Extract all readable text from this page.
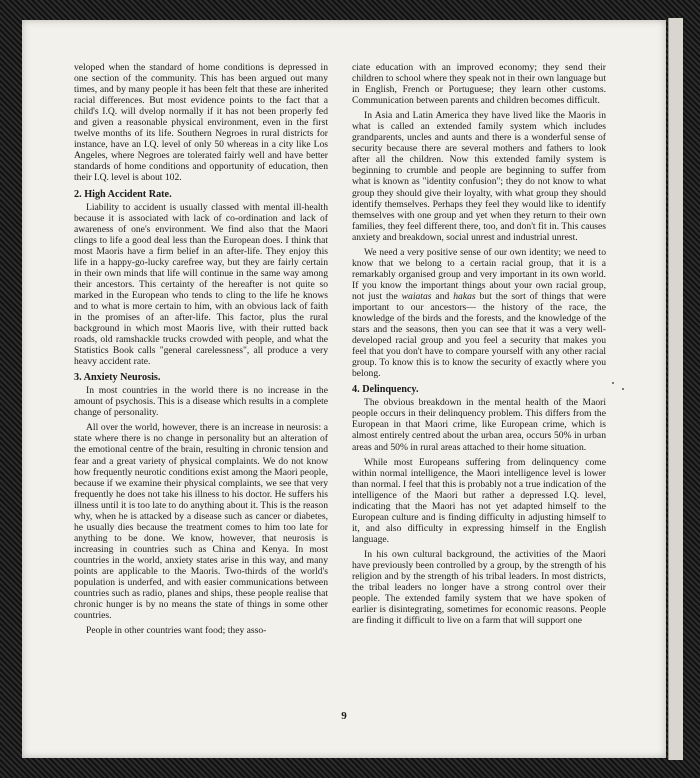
veloped when the standard of home conditions is depressed in one section of the community. This has been argued out many times, and by many people it has been felt that these are inherited racial differences. But most evidence points to the fact that a child's I.Q. will dvelop normally if it has not been properly fed and given a reasonable physical environment, even in the first twelve months of its life. Southern Negroes in rural districts for instance, have an I.Q. level of only 50 whereas in a city like Los Angeles, where Negroes are tolerated fairly well and have better standards of home conditions and opportunity of education, then their I.Q. level is about 102.

2. High Accident Rate.

Liability to accident is usually classed with mental ill-health because it is associated with lack of co-ordination and lack of awareness of one's environment. We find also that the Maori clings to life a good deal less than the European does. I think that most Maoris have a firm belief in an after-life. They enjoy this life in a happy-go-lucky carefree way, but they are fairly certain in their own minds that life will continue in the same way among their ancestors. This certainty of the hereafter is not quite so marked in the European who tends to cling to the life he knows and to what is more certain to him, with an obvious lack of faith in the promises of an after-life. This factor, plus the rural background in which most Maoris live, with their rutted back roads, old ramshackle trucks crowded with people, and what the Statistics Book calls "general carelessness", all produce a very heavy accident rate.

3. Anxiety Neurosis.

In most countries in the world there is no increase in the amount of psychosis. This is a disease which results in a complete change of personality.

All over the world, however, there is an increase in neurosis: a state where there is no change in personality but an alteration of the emotional centre of the brain, resulting in chronic tension and fear and a great variety of physical complaints. We do not know how frequently neurotic conditions exist among the Maori people, because if we examine their physical complaints, we see that very frequently he does not take his illness to his doctor. He suffers his illness until it is too late to do anything about it. This is the reason why, when he is attacked by a disease such as cancer or diabetes, he usually dies because the treatment comes to him too late for anything to be done. We know, however, that neurosis is increasing in countries such as China and Kenya. In most countries in the world, anxiety states arise in this way, and many points are applicable to the Maoris. Two-thirds of the world's population is underfed, and with easier communications between countries such as radio, planes and ships, these people realise that chronic hunger is by no means the state of things in some other countries.

People in other countries want food; they asso-

ciate education with an improved economy; they send their children to school where they speak not in their own language but in English, French or Portuguese; they learn other customs. Communication between parents and children becomes difficult.

In Asia and Latin America they have lived like the Maoris in what is called an extended family system which includes grandparents, uncles and aunts and there is a wonderful sense of security because there are several mothers and fathers to look after all the children. Now this extended family system is beginning to crumble and people are beginning to suffer from what is known as "identity confusion"; they do not know to what group they should give their loyalty, with what group they should identify themselves. Perhaps they feel they would like to identify themselves with one group and yet when they return to their own families, they feel different there, too, and don't fit in. This causes anxiety and breakdown, social unrest and industrial unrest.

We need a very positive sense of our own identity; we need to know that we belong to a certain racial group, that it is a remarkably organised group and very important in its own world. If you know the important things about your own racial group, not just the waiatas and hakas but the sort of things that were important to our ancestors— the history of the race, the knowledge of the birds and the forests, and the knowledge of the stars and the seasons, then you can see that it was a very well-developed racial group and you feel a security that makes you feel that you don't have to compare yourself with any other racial group. To know this is to know the security of exactly where you belong.

4. Delinquency.

The obvious breakdown in the mental health of the Maori people occurs in their delinquency problem. This differs from the European in that Maori crime, like European crime, which is almost entirely centred about the urban area, occurs 50% in urban areas and 50% in rural areas attached to their home situation.

While most Europeans suffering from delinquency come within normal intelligence, the Maori intelligence level is lower than normal. I feel that this is probably not a true indication of the intelligence of the Maori but rather a depressed I.Q. level, indicating that the Maori has not yet adapted himself to the European culture and is finding difficulty in adjusting himself to it, and also difficulty in expressing himself in the English language.

In his own cultural background, the activities of the Maori have previously been controlled by a group, by the strength of his religion and by the strength of his tribal leaders. In most districts, the tribal leaders no longer have a strong control over their people. The extended family system that we have spoken of earlier is disintegrating, sometimes for economic reasons. People are finding it difficult to live on a farm that will support one

9
